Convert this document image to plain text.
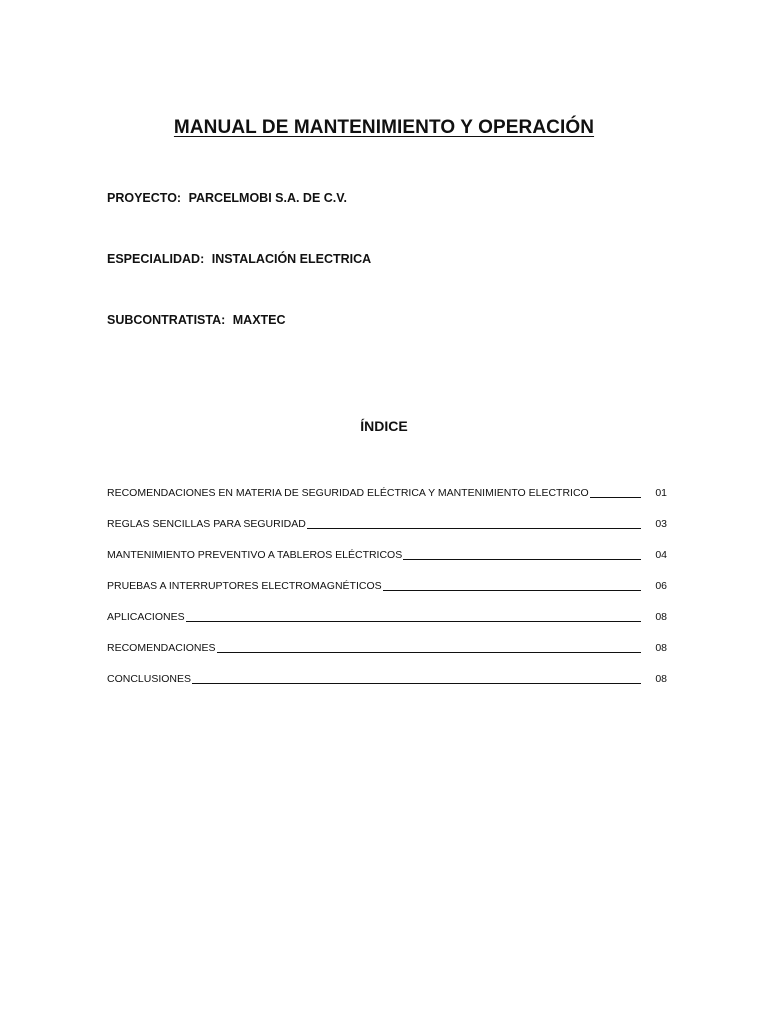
MANUAL DE MANTENIMIENTO Y OPERACIÓN
PROYECTO: PARCELMOBI S.A. DE C.V.
ESPECIALIDAD: INSTALACIÓN ELECTRICA
SUBCONTRATISTA: MAXTEC
ÍNDICE
RECOMENDACIONES EN MATERIA DE SEGURIDAD ELÉCTRICA Y MANTENIMIENTO ELECTRICO	01
REGLAS SENCILLAS PARA SEGURIDAD	03
MANTENIMIENTO PREVENTIVO A TABLEROS ELÉCTRICOS	04
PRUEBAS A INTERRUPTORES ELECTROMAGNÉTICOS	06
APLICACIONES	08
RECOMENDACIONES	08
CONCLUSIONES	08
